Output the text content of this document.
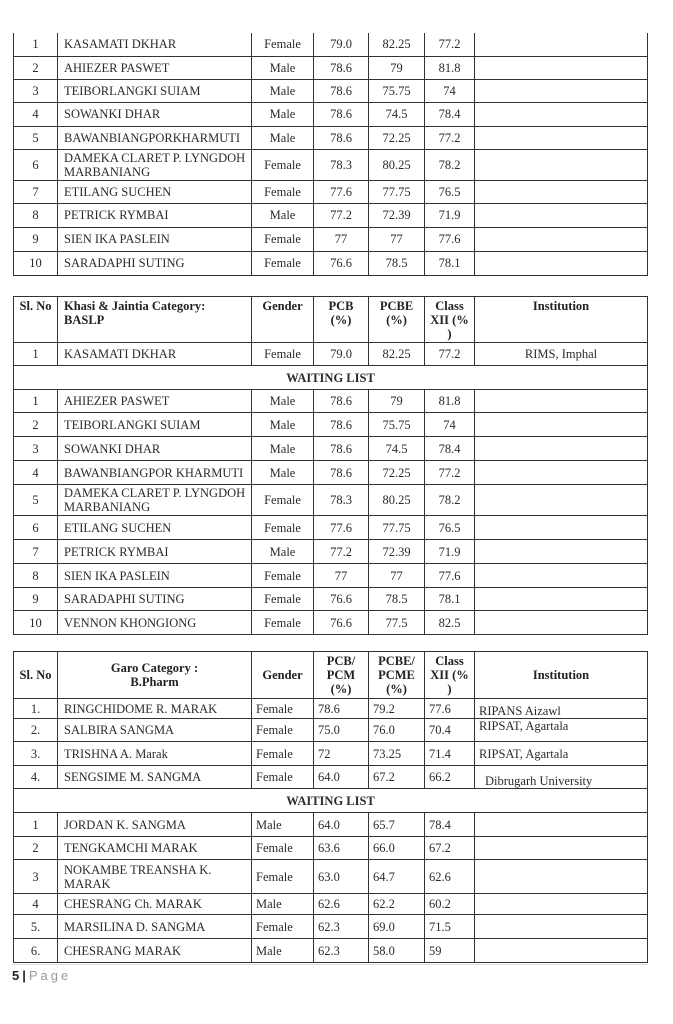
1	KASAMATI DKHAR	Female	79.0	82.25	77.2	
2	AHIEZER PASWET	Male	78.6	79	81.8	
3	TEIBORLANGKI SUIAM	Male	78.6	75.75	74	
4	SOWANKI DHAR	Male	78.6	74.5	78.4	
5	BAWANBIANGPORKHARMUTI	Male	78.6	72.25	77.2	
6	DAMEKA CLARET P. LYNGDOH MARBANIANG	Female	78.3	80.25	78.2	
7	ETILANG SUCHEN	Female	77.6	77.75	76.5	
8	PETRICK RYMBAI	Male	77.2	72.39	71.9	
9	SIEN IKA PASLEIN	Female	77	77	77.6	
10	SARADAPHI SUTING	Female	76.6	78.5	78.1	
Sl. No	Khasi & Jaintia Category: BASLP	Gender	PCB (%)	PCBE (%)	Class XII (% )	Institution
1	KASAMATI DKHAR	Female	79.0	82.25	77.2	RIMS, Imphal
WAITING LIST						
1	AHIEZER PASWET	Male	78.6	79	81.8	
2	TEIBORLANGKI SUIAM	Male	78.6	75.75	74	
3	SOWANKI DHAR	Male	78.6	74.5	78.4	
4	BAWANBIANGPOR KHARMUTI	Male	78.6	72.25	77.2	
5	DAMEKA CLARET P. LYNGDOH MARBANIANG	Female	78.3	80.25	78.2	
6	ETILANG SUCHEN	Female	77.6	77.75	76.5	
7	PETRICK RYMBAI	Male	77.2	72.39	71.9	
8	SIEN IKA PASLEIN	Female	77	77	77.6	
9	SARADAPHI SUTING	Female	76.6	78.5	78.1	
10	VENNON KHONGIONG	Female	76.6	77.5	82.5	
Sl. No	Garo Category : B.Pharm	Gender	PCB/ PCM (%)	PCBE/ PCME (%)	Class XII (% )	Institution
1.	RINGCHIDOME R. MARAK	Female	78.6	79.2	77.6	RIPANS Aizawl
2.	SALBIRA SANGMA	Female	75.0	76.0	70.4	RIPSAT, Agartala
3.	TRISHNA A. Marak	Female	72	73.25	71.4	RIPSAT, Agartala
4.	SENGSIME M. SANGMA	Female	64.0	67.2	66.2	Dibrugarh University
WAITING LIST						
1	JORDAN K. SANGMA	Male	64.0	65.7	78.4	
2	TENGKAMCHI MARAK	Female	63.6	66.0	67.2	
3	NOKAMBE TREANSHA K. MARAK	Female	63.0	64.7	62.6	
4	CHESRANG Ch. MARAK	Male	62.6	62.2	60.2	
5.	MARSILINA D. SANGMA	Female	62.3	69.0	71.5	
6.	CHESRANG MARAK	Male	62.3	58.0	59	
5 | Page
